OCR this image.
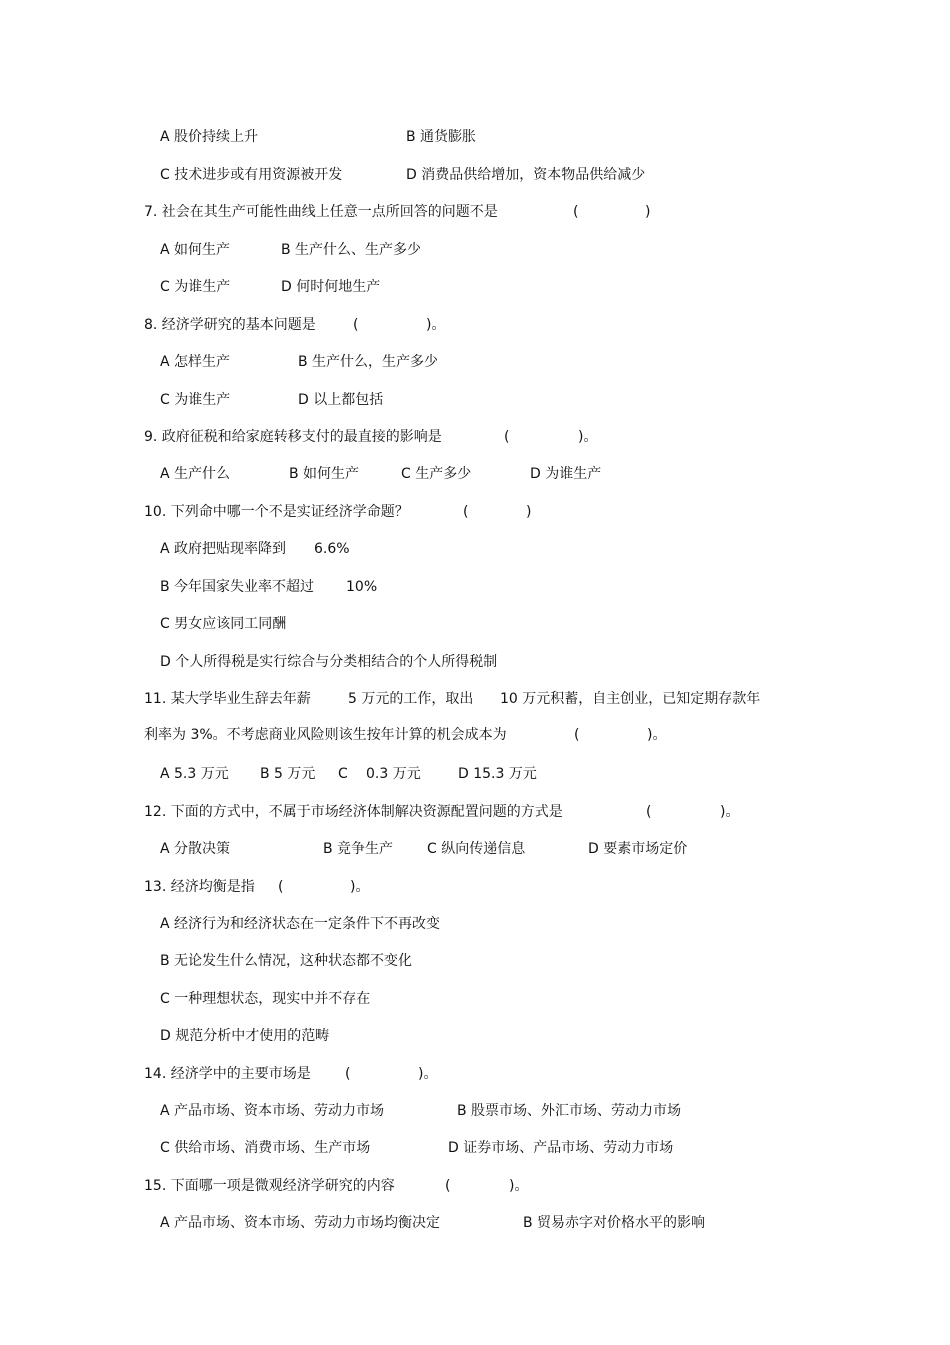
A 股价持续上升	B 通货膨胀
C 技术进步或有用资源被开发	D 消费品供给增加，资本物品供给减少
7. 社会在其生产可能性曲线上任意一点所回答的问题不是	(	)
A 如何生产	B 生产什么、生产多少
C 为谁生产	D 何时何地生产
8. 经济学研究的基本问题是	(	)。
A 怎样生产	B 生产什么，生产多少
C 为谁生产	D 以上都包括
9. 政府征税和给家庭转移支付的最直接的影响是	(	)。
A 生产什么	B 如何生产	C 生产多少	D 为谁生产
10. 下列命中哪一个不是实证经济学命题？	(	)
A 政府把贴现率降到 6.6%
B 今年国家失业率不超过 10%
C 男女应该同工同酬
D 个人所得税是实行综合与分类相结合的个人所得税制
11. 某大学毕业生辞去年薪	5 万元的工作，取出 10 万元积蓄，自主创业，已知定期存款年
利率为 3%。不考虑商业风险则该生按年计算的机会成本为	(	)。
A 5.3 万元 B 5 万元 C 0.3 万元	D 15.3 万元
12. 下面的方式中，不属于市场经济体制解决资源配置问题的方式是	(	)。
A 分散决策	B 竞争生产 C 纵向传递信息	D 要素市场定价
13. 经济均衡是指 (	)。
A 经济行为和经济状态在一定条件下不再改变
B 无论发生什么情况，这种状态都不变化
C 一种理想状态，现实中并不存在
D 规范分析中才使用的范畴
14. 经济学中的主要市场是 (	)。
A 产品市场、资本市场、劳动力市场	B 股票市场、外汇市场、劳动力市场
C 供给市场、消费市场、生产市场	D 证券市场、产品市场、劳动力市场
15. 下面哪一项是微观经济学研究的内容	(	)。
A 产品市场、资本市场、劳动力市场均衡决定	B 贸易赤字对价格水平的影响
